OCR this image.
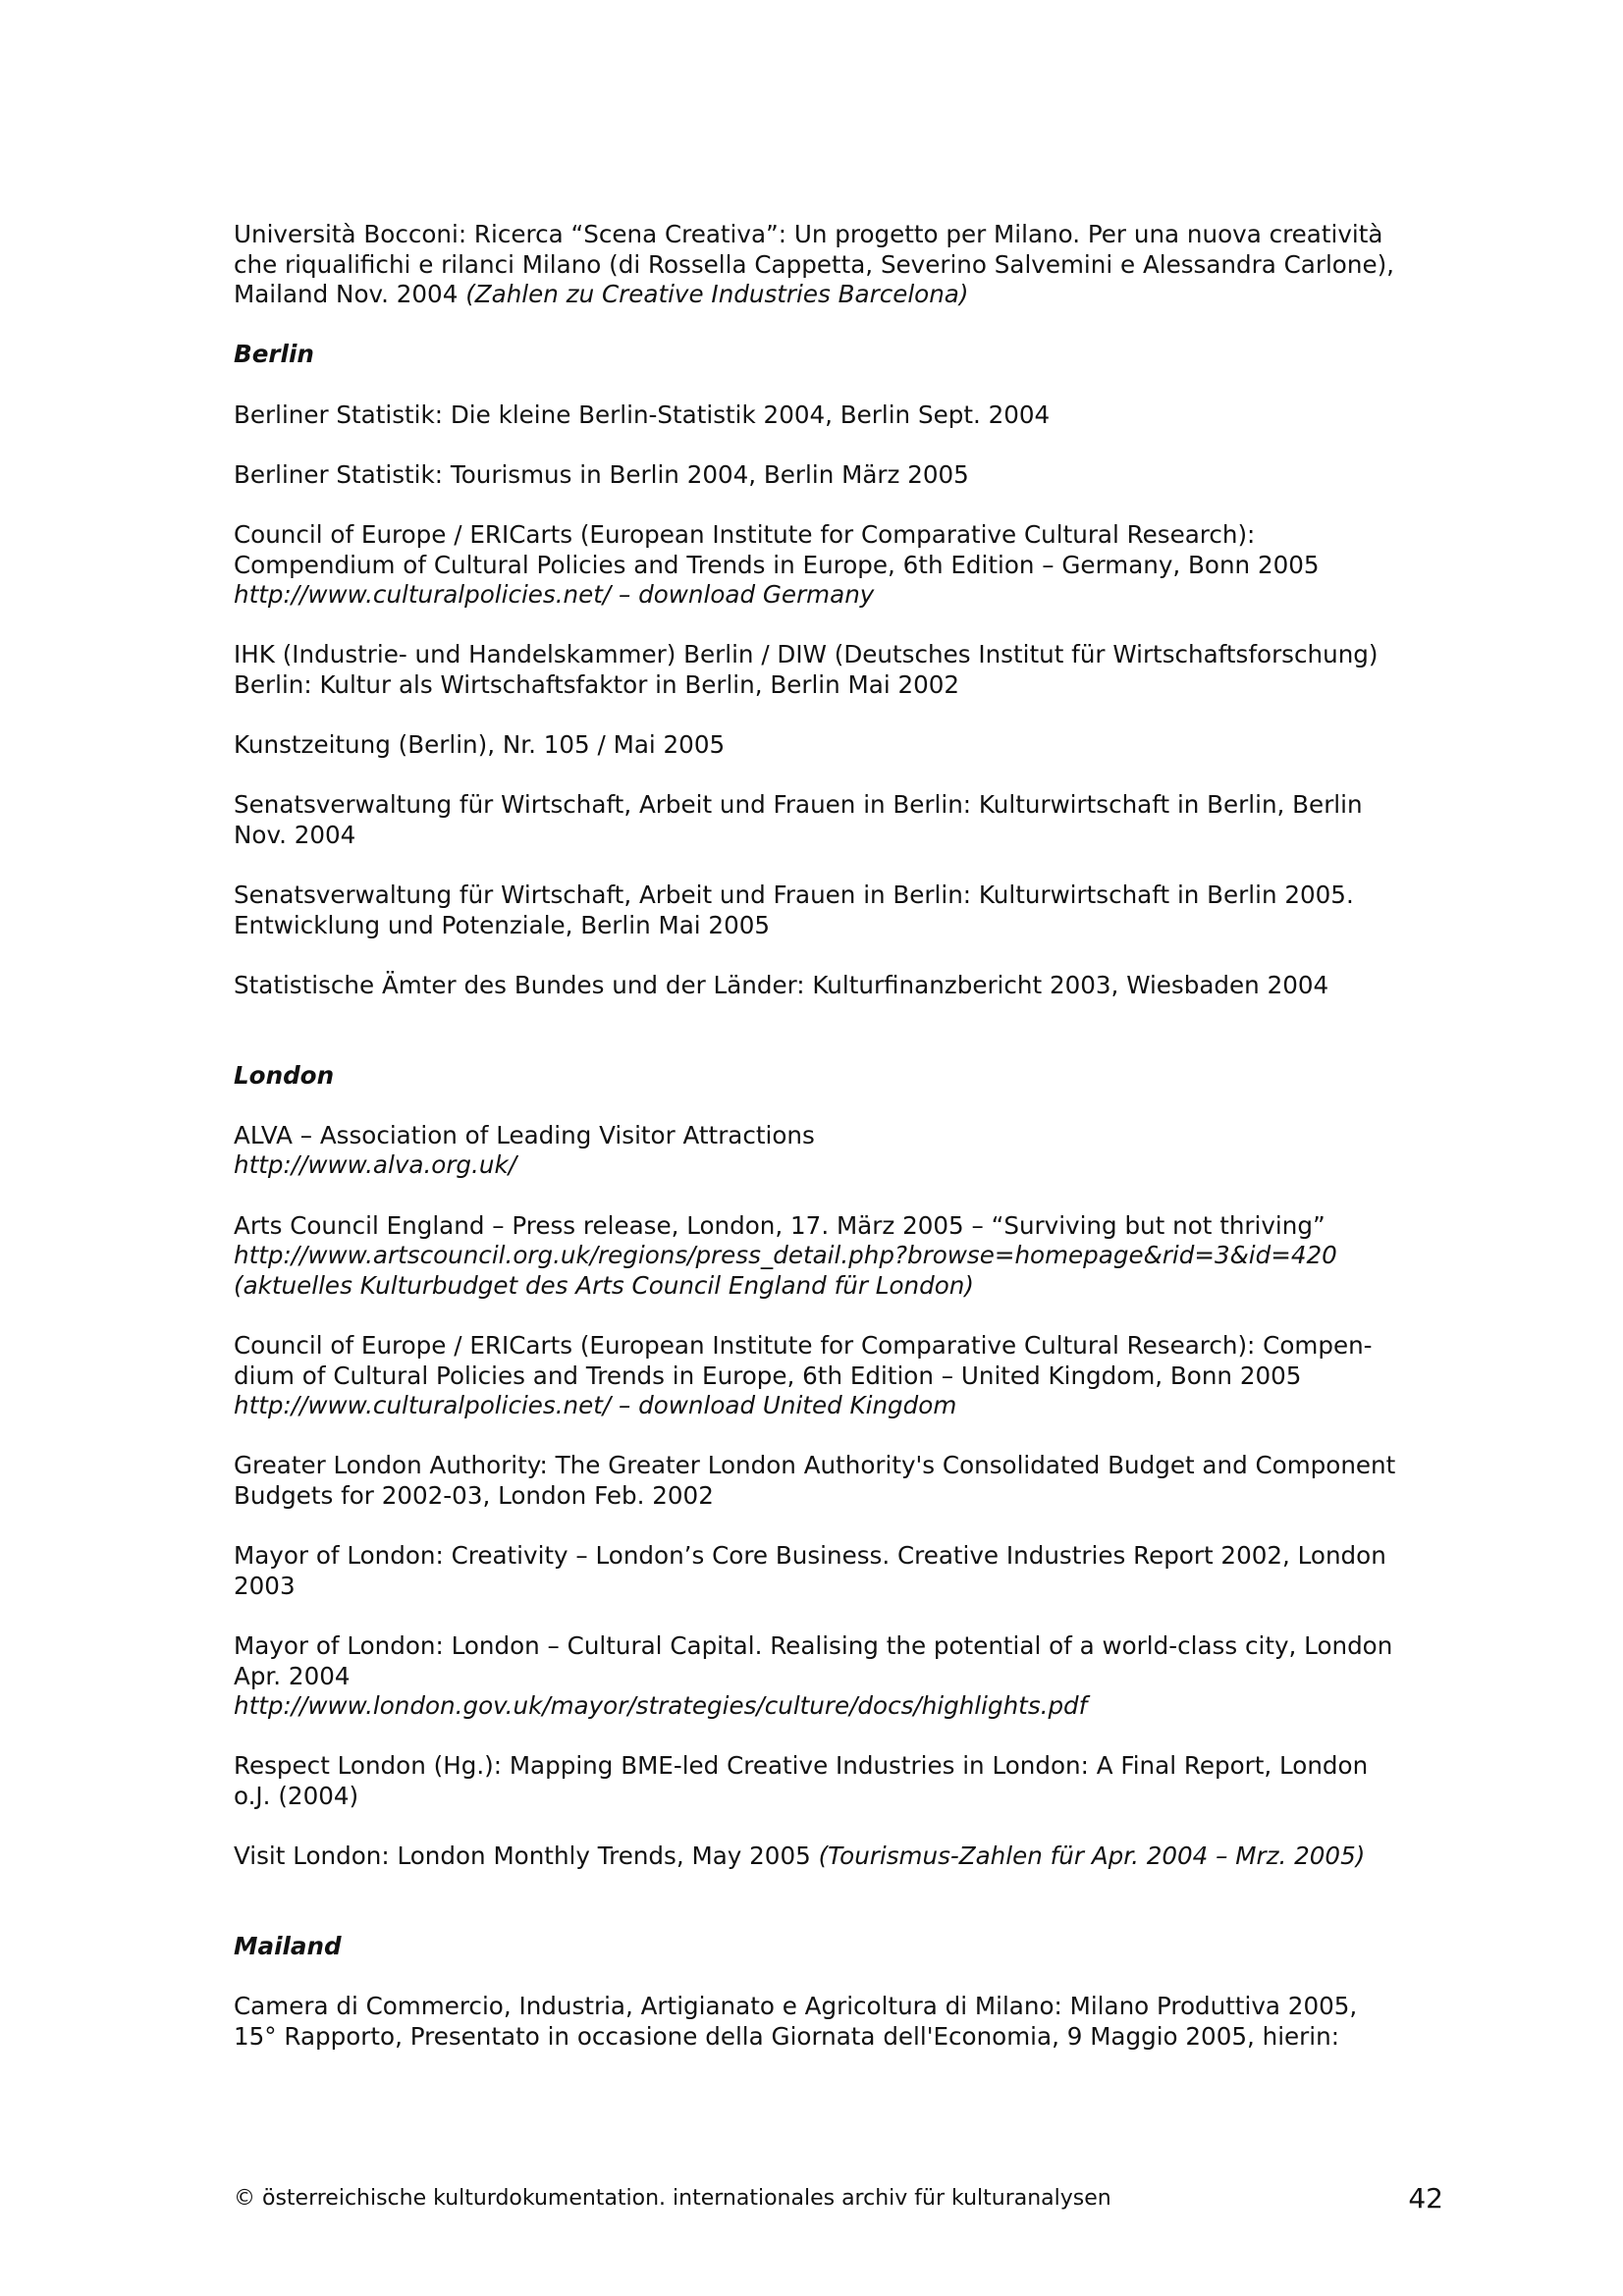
Università Bocconi: Ricerca “Scena Creativa”: Un progetto per Milano. Per una nuova creatività
che riqualifichi e rilanci Milano (di Rossella Cappetta, Severino Salvemini e Alessandra Carlone),
Mailand Nov. 2004 (Zahlen zu Creative Industries Barcelona)
Berlin
Berliner Statistik: Die kleine Berlin-Statistik 2004, Berlin Sept. 2004
Berliner Statistik: Tourismus in Berlin 2004, Berlin März 2005
Council of Europe / ERICarts (European Institute for Comparative Cultural Research):
Compendium of Cultural Policies and Trends in Europe, 6th Edition – Germany, Bonn 2005
http://www.culturalpolicies.net/ – download Germany
IHK (Industrie- und Handelskammer) Berlin / DIW (Deutsches Institut für Wirtschaftsforschung)
Berlin: Kultur als Wirtschaftsfaktor in Berlin, Berlin Mai 2002
Kunstzeitung (Berlin), Nr. 105 / Mai 2005
Senatsverwaltung für Wirtschaft, Arbeit und Frauen in Berlin: Kulturwirtschaft in Berlin, Berlin
Nov. 2004
Senatsverwaltung für Wirtschaft, Arbeit und Frauen in Berlin: Kulturwirtschaft in Berlin 2005.
Entwicklung und Potenziale, Berlin Mai 2005
Statistische Ämter des Bundes und der Länder: Kulturfinanzbericht 2003, Wiesbaden 2004
London
ALVA – Association of Leading Visitor Attractions
http://www.alva.org.uk/
Arts Council England – Press release, London, 17. März 2005 – “Surviving but not thriving”
http://www.artscouncil.org.uk/regions/press_detail.php?browse=homepage&rid=3&id=420
(aktuelles Kulturbudget des Arts Council England für London)
Council of Europe / ERICarts (European Institute for Comparative Cultural Research): Compen-
dium of Cultural Policies and Trends in Europe, 6th Edition – United Kingdom, Bonn 2005
http://www.culturalpolicies.net/ – download United Kingdom
Greater London Authority: The Greater London Authority's Consolidated Budget and Component
Budgets for 2002-03, London Feb. 2002
Mayor of London: Creativity – London’s Core Business. Creative Industries Report 2002, London
2003
Mayor of London: London – Cultural Capital. Realising the potential of a world-class city, London
Apr. 2004
http://www.london.gov.uk/mayor/strategies/culture/docs/highlights.pdf
Respect London (Hg.): Mapping BME-led Creative Industries in London: A Final Report, London
o.J. (2004)
Visit London: London Monthly Trends, May 2005 (Tourismus-Zahlen für Apr. 2004 – Mrz. 2005)
Mailand
Camera di Commercio, Industria, Artigianato e Agricoltura di Milano: Milano Produttiva 2005,
15° Rapporto, Presentato in occasione della Giornata dell'Economia, 9 Maggio 2005, hierin:
© österreichische kulturdokumentation. internationales archiv für kulturanalysen	42
